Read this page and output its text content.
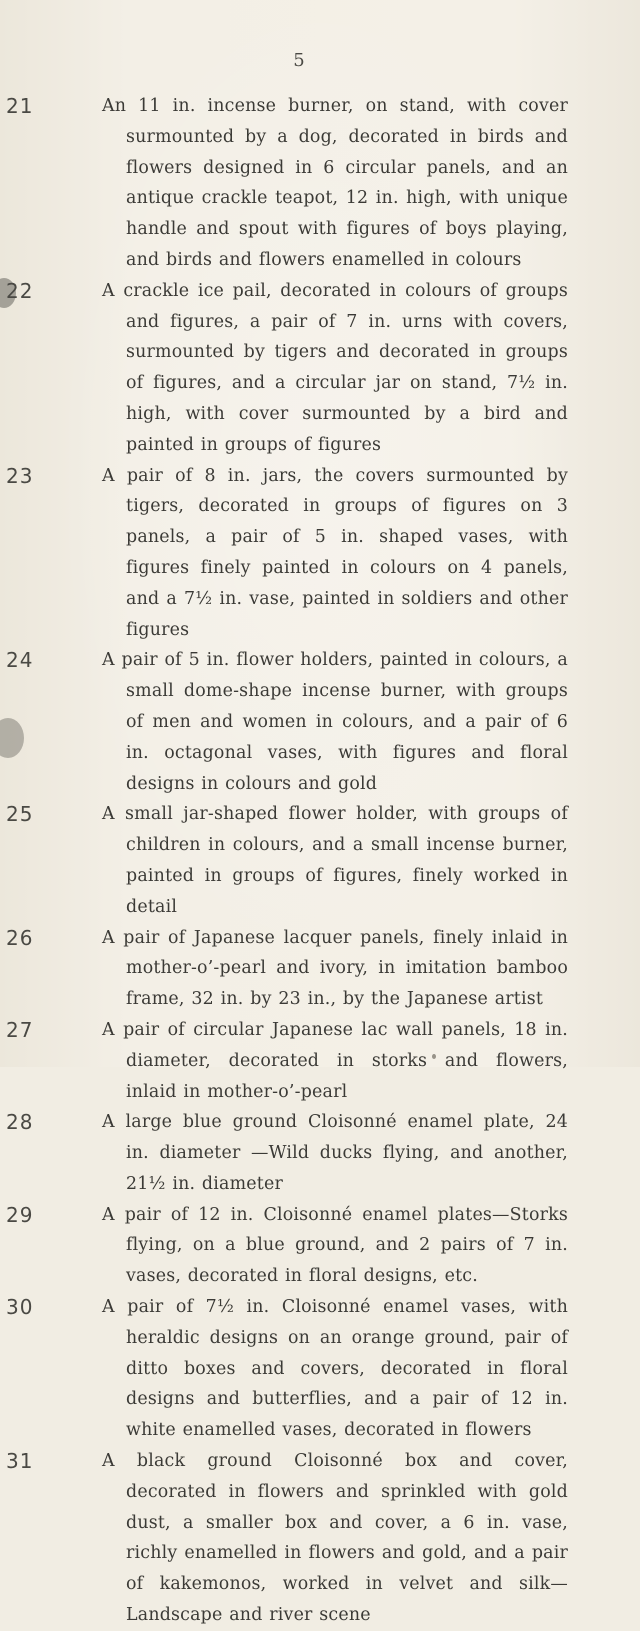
5
21	An 11 in. incense burner, on stand, with cover surmounted by a dog, decorated in birds and flowers designed in 6 circular panels, and an antique crackle teapot, 12 in. high, with unique handle and spout with figures of boys playing, and birds and flowers enamelled in colours

22	A crackle ice pail, decorated in colours of groups and figures, a pair of 7 in. urns with covers, surmounted by tigers and decorated in groups of figures, and a circular jar on stand, 7½ in. high, with cover surmounted by a bird and painted in groups of figures

23	A pair of 8 in. jars, the covers surmounted by tigers, decorated in groups of figures on 3 panels, a pair of 5 in. shaped vases, with figures finely painted in colours on 4 panels, and a 7½ in. vase, painted in soldiers and other figures

24	A pair of 5 in. flower holders, painted in colours, a small dome-shape incense burner, with groups of men and women in colours, and a pair of 6 in. octagonal vases, with figures and floral designs in colours and gold

25	A small jar-shaped flower holder, with groups of children in colours, and a small incense burner, painted in groups of figures, finely worked in detail

26	A pair of Japanese lacquer panels, finely inlaid in mother-o’-pearl and ivory, in imitation bamboo frame, 32 in. by 23 in., by the Japanese artist

27	A pair of circular Japanese lac wall panels, 18 in. diameter, decorated in storks and flowers, inlaid in mother-o’-pearl

28	A large blue ground Cloisonné enamel plate, 24 in. diameter —Wild ducks flying, and another, 21½ in. diameter

29	A pair of 12 in. Cloisonné enamel plates—Storks flying, on a blue ground, and 2 pairs of 7 in. vases, decorated in floral designs, etc.

30	A pair of 7½ in. Cloisonné enamel vases, with heraldic designs on an orange ground, pair of ditto boxes and covers, decorated in floral designs and butterflies, and a pair of 12 in. white enamelled vases, decorated in flowers

31	A black ground Cloisonné box and cover, decorated in flowers and sprinkled with gold dust, a smaller box and cover, a 6 in. vase, richly enamelled in flowers and gold, and a pair of kakemonos, worked in velvet and silk—Landscape and river scene
